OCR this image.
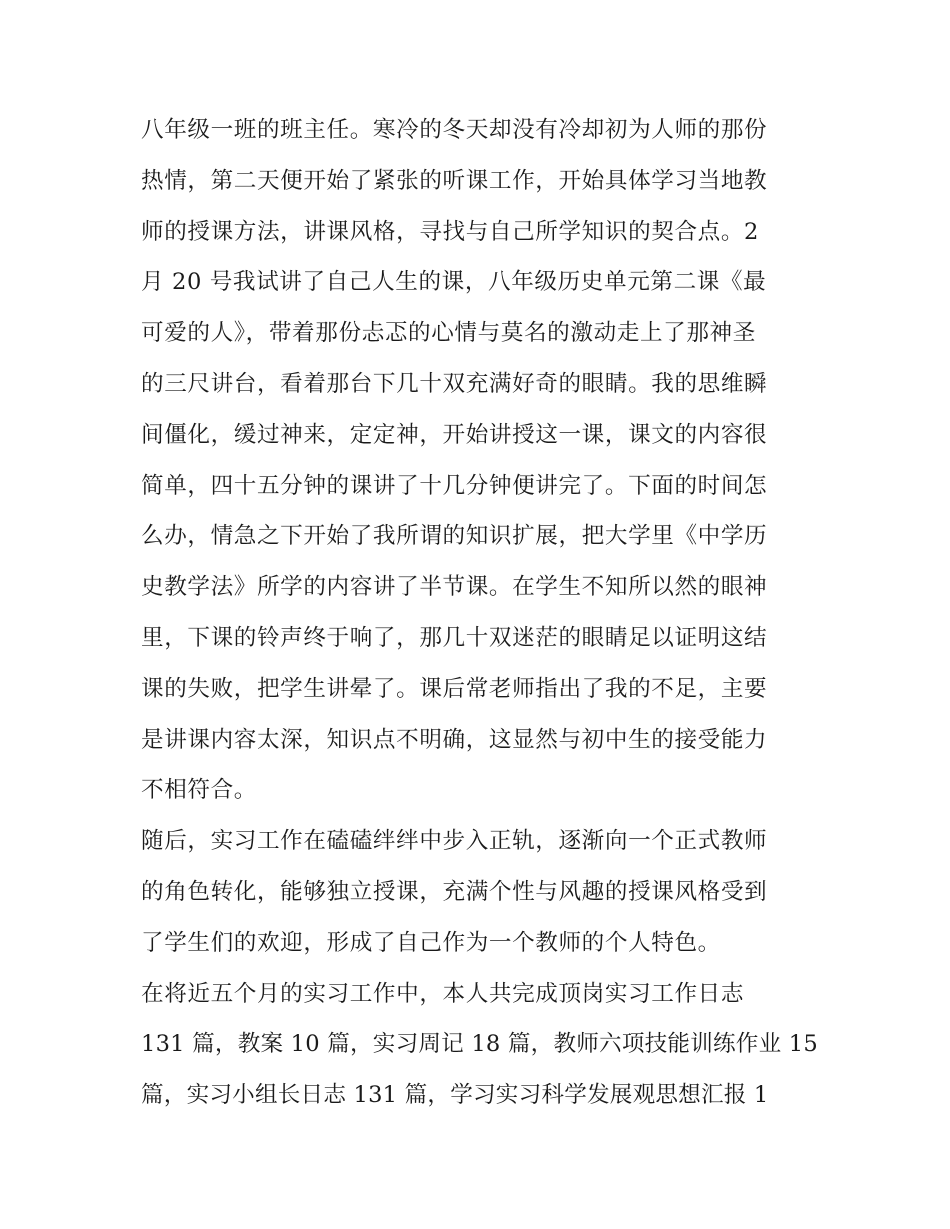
八年级一班的班主任。寒冷的冬天却没有冷却初为人师的那份
热情，第二天便开始了紧张的听课工作，开始具体学习当地教
师的授课方法，讲课风格，寻找与自己所学知识的契合点。2
月 20 号我试讲了自己人生的课，八年级历史单元第二课《最
可爱的人》，带着那份忐忑的心情与莫名的激动走上了那神圣
的三尺讲台，看着那台下几十双充满好奇的眼睛。我的思维瞬
间僵化，缓过神来，定定神，开始讲授这一课，课文的内容很
简单，四十五分钟的课讲了十几分钟便讲完了。下面的时间怎
么办，情急之下开始了我所谓的知识扩展，把大学里《中学历
史教学法》所学的内容讲了半节课。在学生不知所以然的眼神
里，下课的铃声终于响了，那几十双迷茫的眼睛足以证明这结
课的失败，把学生讲晕了。课后常老师指出了我的不足，主要
是讲课内容太深，知识点不明确，这显然与初中生的接受能力
不相符合。
随后，实习工作在磕磕绊绊中步入正轨，逐渐向一个正式教师
的角色转化，能够独立授课，充满个性与风趣的授课风格受到
了学生们的欢迎，形成了自己作为一个教师的个人特色。
在将近五个月的实习工作中，本人共完成顶岗实习工作日志
131 篇，教案 10 篇，实习周记 18 篇，教师六项技能训练作业 15
篇，实习小组长日志 131 篇，学习实习科学发展观思想汇报 1
